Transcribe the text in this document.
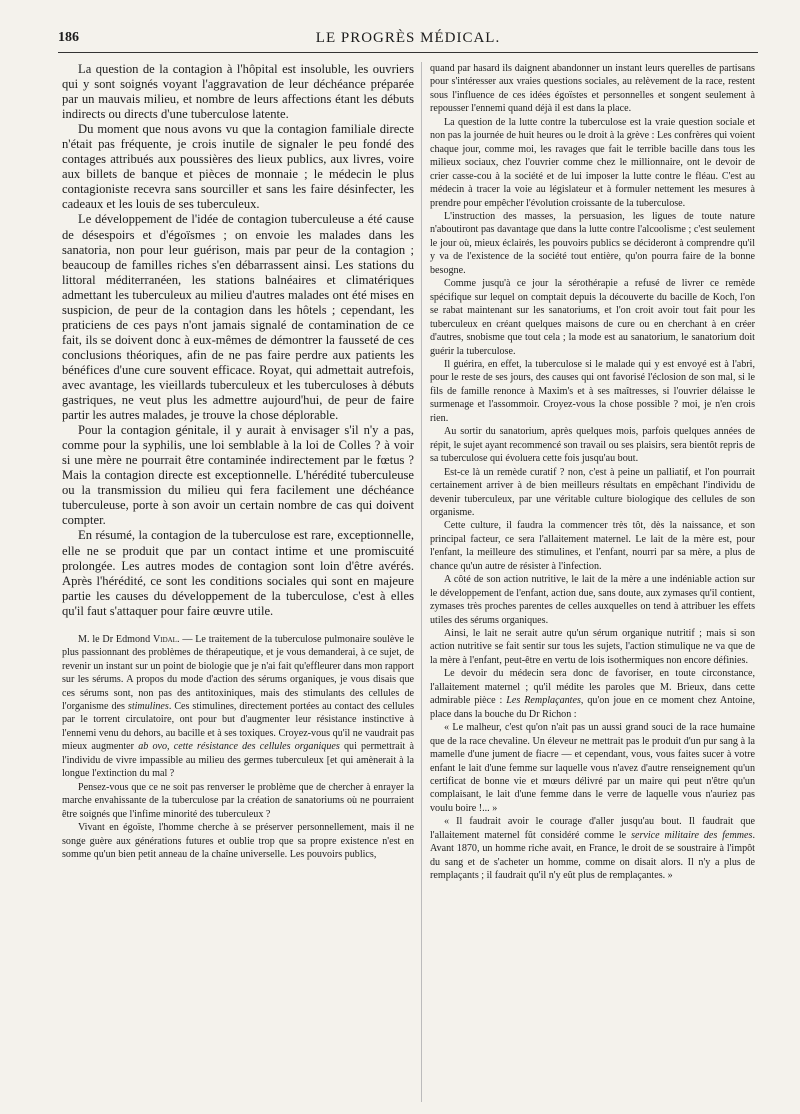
186	LE PROGRÈS MÉDICAL.

La question de la contagion à l'hôpital est insoluble, les ouvriers qui y sont soignés voyant l'aggravation de leur déchéance préparée par un mauvais milieu, et nombre de leurs affections étant les débuts indirects ou directs d'une tuberculose latente.

Du moment que nous avons vu que la contagion familiale directe n'était pas fréquente, je crois inutile de signaler le peu fondé des contages attribués aux poussières des lieux publics, aux livres, voire aux billets de banque et pièces de monnaie ; le médecin le plus contagioniste recevra sans sourciller et sans les faire désinfecter, les cadeaux et les louis de ses tuberculeux.

Le développement de l'idée de contagion tuberculeuse a été cause de désespoirs et d'égoïsmes ; on envoie les malades dans les sanatoria, non pour leur guérison, mais par peur de la contagion ; beaucoup de familles riches s'en débarrassent ainsi. Les stations du littoral méditerranéen, les stations balnéaires et climatériques admettant les tuberculeux au milieu d'autres malades ont été mises en suspicion, de peur de la contagion dans les hôtels ; cependant, les praticiens de ces pays n'ont jamais signalé de contamination de ce fait, ils se doivent donc à eux-mêmes de démontrer la fausseté de ces conclusions théoriques, afin de ne pas faire perdre aux patients les bénéfices d'une cure souvent efficace. Royat, qui admettait autrefois, avec avantage, les vieillards tuberculeux et les tuberculoses à débuts gastriques, ne veut plus les admettre aujourd'hui, de peur de faire partir les autres malades, je trouve la chose déplorable.

Pour la contagion génitale, il y aurait à envisager s'il n'y a pas, comme pour la syphilis, une loi semblable à la loi de Colles ? à voir si une mère ne pourrait être contaminée indirectement par le fœtus ? Mais la contagion directe est exceptionnelle. L'hérédité tuberculeuse ou la transmission du milieu qui fera facilement une déchéance tuberculeuse, porte à son avoir un certain nombre de cas qui doivent compter.

En résumé, la contagion de la tuberculose est rare, exceptionnelle, elle ne se produit que par un contact intime et une promiscuité prolongée. Les autres modes de contagion sont loin d'être avérés. Après l'hérédité, ce sont les conditions sociales qui sont en majeure partie les causes du développement de la tuberculose, c'est à elles qu'il faut s'attaquer pour faire œuvre utile.

M. le Dr Edmond Vidal. — Le traitement de la tuberculose pulmonaire soulève le plus passionnant des problèmes de thérapeutique, et je vous demanderai, à ce sujet, de revenir un instant sur un point de biologie que je n'ai fait qu'effleurer dans mon rapport sur les sérums. A propos du mode d'action des sérums organiques, je vous disais que ces sérums sont, non pas des antitoxiniques, mais des stimulants des cellules de l'organisme des stimulines. Ces stimulines, directement portées au contact des cellules par le torrent circulatoire, ont pour but d'augmenter leur résistance instinctive à l'ennemi venu du dehors, au bacille et à ses toxiques. Croyez-vous qu'il ne vaudrait pas mieux augmenter ab ovo, cette résistance des cellules organiques qui permettrait à l'individu de vivre impassible au milieu des germes tuberculeux [et qui amènerait à la longue l'extinction du mal ?

Pensez-vous que ce ne soit pas renverser le problème que de chercher à enrayer la marche envahissante de la tuberculose par la création de sanatoriums où ne pourraient être soignés que l'infime minorité des tuberculeux ?

Vivant en égoïste, l'homme cherche à se préserver personnellement, mais il ne songe guère aux générations futures et oublie trop que sa propre existence n'est en somme qu'un bien petit anneau de la chaîne universelle. Les pouvoirs publics,

quand par hasard ils daignent abandonner un instant leurs querelles de partisans pour s'intéresser aux vraies questions sociales, au relèvement de la race, restent sous l'influence de ces idées égoïstes et personnelles et songent seulement à repousser l'ennemi quand déjà il est dans la place.

La question de la lutte contre la tuberculose est la vraie question sociale et non pas la journée de huit heures ou le droit à la grève : Les confrères qui voient chaque jour, comme moi, les ravages que fait le terrible bacille dans tous les milieux sociaux, chez l'ouvrier comme chez le millionnaire, ont le devoir de crier casse-cou à la société et de lui imposer la lutte contre le fléau. C'est au médecin à tracer la voie au législateur et à formuler nettement les mesures à prendre pour empêcher l'évolution croissante de la tuberculose.

L'instruction des masses, la persuasion, les ligues de toute nature n'aboutiront pas davantage que dans la lutte contre l'alcoolisme ; c'est seulement le jour où, mieux éclairés, les pouvoirs publics se décideront à comprendre qu'il y va de l'existence de la société tout entière, qu'on pourra faire de la bonne besogne.

Comme jusqu'à ce jour la sérothérapie a refusé de livrer ce remède spécifique sur lequel on comptait depuis la découverte du bacille de Koch, l'on se rabat maintenant sur les sanatoriums, et l'on croit avoir tout fait pour les tuberculeux en créant quelques maisons de cure ou en cherchant à en créer d'autres, snobisme que tout cela ; la mode est au sanatorium, le sanatorium doit guérir la tuberculose.

Il guérira, en effet, la tuberculose si le malade qui y est envoyé est à l'abri, pour le reste de ses jours, des causes qui ont favorisé l'éclosion de son mal, si le fils de famille renonce à Maxim's et à ses maîtresses, si l'ouvrier délaisse le surmenage et l'assommoir. Croyez-vous la chose possible ? moi, je n'en crois rien.

Au sortir du sanatorium, après quelques mois, parfois quelques années de répit, le sujet ayant recommencé son travail ou ses plaisirs, sera bientôt repris de sa tuberculose qui évoluera cette fois jusqu'au bout.

Est-ce là un remède curatif ? non, c'est à peine un palliatif, et l'on pourrait certainement arriver à de bien meilleurs résultats en empêchant l'individu de devenir tuberculeux, par une véritable culture biologique des cellules de son organisme.

Cette culture, il faudra la commencer très tôt, dès la naissance, et son principal facteur, ce sera l'allaitement maternel. Le lait de la mère est, pour l'enfant, la meilleure des stimulines, et l'enfant, nourri par sa mère, a plus de chance qu'un autre de résister à l'infection.

A côté de son action nutritive, le lait de la mère a une indéniable action sur le développement de l'enfant, action due, sans doute, aux zymases qu'il contient, zymases très proches parentes de celles auxquelles on tend à attribuer les effets utiles des sérums organiques.

Ainsi, le lait ne serait autre qu'un sérum organique nutritif ; mais si son action nutritive se fait sentir sur tous les sujets, l'action stimulique ne va que de la mère à l'enfant, peut-être en vertu de lois isothermiques non encore définies.

Le devoir du médecin sera donc de favoriser, en toute circonstance, l'allaitement maternel ; qu'il médite les paroles que M. Brieux, dans cette admirable pièce : Les Remplaçantes, qu'on joue en ce moment chez Antoine, place dans la bouche du Dr Richon :

« Le malheur, c'est qu'on n'ait pas un aussi grand souci de la race humaine que de la race chevaline. Un éleveur ne mettrait pas le produit d'un pur sang à la mamelle d'une jument de fiacre — et cependant, vous, vous faites sucer à votre enfant le lait d'une femme sur laquelle vous n'avez d'autre renseignement qu'un certificat de bonne vie et mœurs délivré par un maire qui peut n'être qu'un complaisant, le lait d'une femme dans le verre de laquelle vous n'auriez pas voulu boire !... »

« Il faudrait avoir le courage d'aller jusqu'au bout. Il faudrait que l'allaitement maternel fût considéré comme le service militaire des femmes. Avant 1870, un homme riche avait, en France, le droit de se soustraire à l'impôt du sang et de s'acheter un homme, comme on disait alors. Il n'y a plus de remplaçants ; il faudrait qu'il n'y eût plus de remplaçantes. »
